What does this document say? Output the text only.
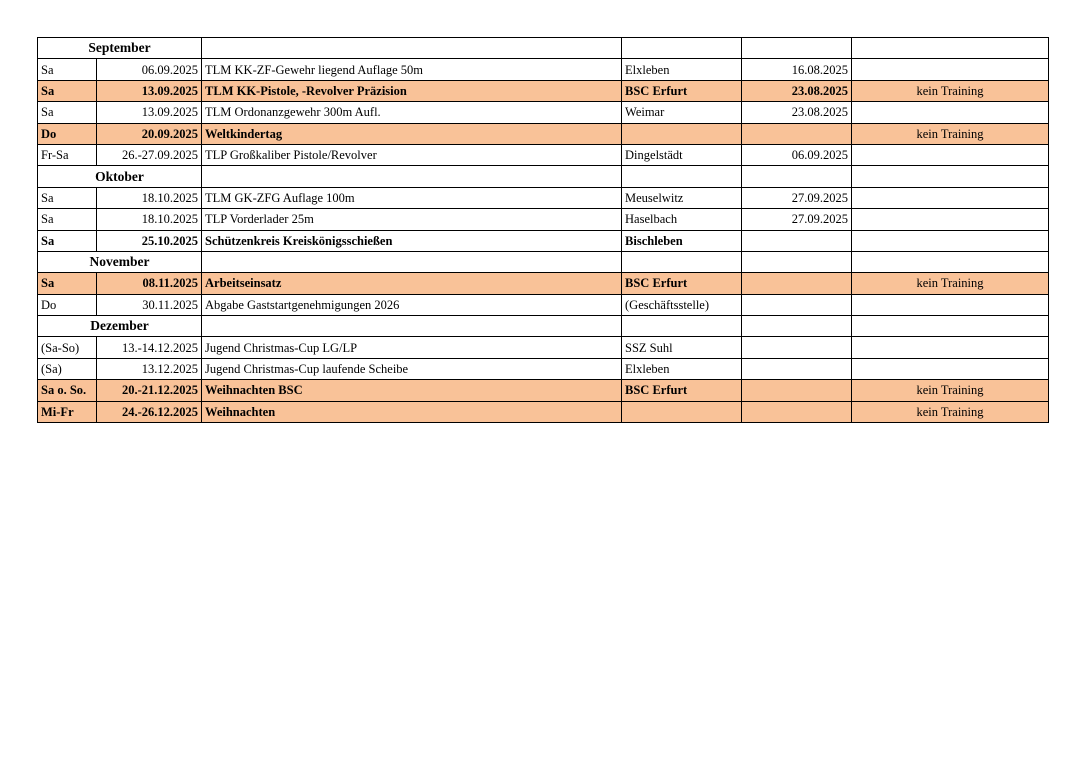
September					
Sa	06.09.2025	TLM KK-ZF-Gewehr liegend Auflage 50m	Elxleben	16.08.2025	
Sa	13.09.2025	TLM KK-Pistole, -Revolver Präzision	BSC Erfurt	23.08.2025	kein Training
Sa	13.09.2025	TLM Ordonanzgewehr 300m Aufl.	Weimar	23.08.2025	
Do	20.09.2025	Weltkindertag			kein Training
Fr-Sa	26.-27.09.2025	TLP Großkaliber Pistole/Revolver	Dingelstädt	06.09.2025	
Oktober					
Sa	18.10.2025	TLM GK-ZFG Auflage 100m	Meuselwitz	27.09.2025	
Sa	18.10.2025	TLP Vorderlader 25m	Haselbach	27.09.2025	
Sa	25.10.2025	Schützenkreis Kreiskönigsschießen	Bischleben		
November					
Sa	08.11.2025	Arbeitseinsatz	BSC Erfurt		kein Training
Do	30.11.2025	Abgabe Gaststartgenehmigungen 2026	(Geschäftsstelle)		
Dezember					
(Sa-So)	13.-14.12.2025	Jugend Christmas-Cup LG/LP	SSZ Suhl		
(Sa)	13.12.2025	Jugend Christmas-Cup laufende Scheibe	Elxleben		
Sa o. So.	20.-21.12.2025	Weihnachten BSC	BSC Erfurt		kein Training
Mi-Fr	24.-26.12.2025	Weihnachten			kein Training
